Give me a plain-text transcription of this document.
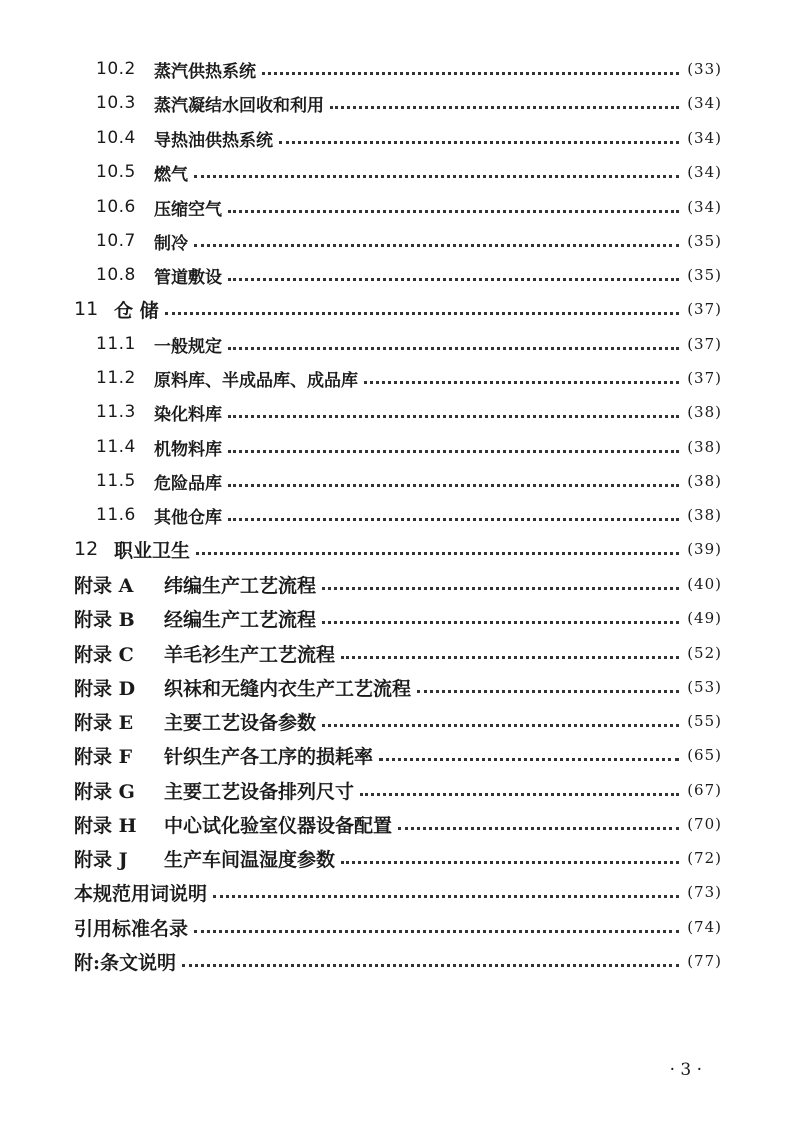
10.2	蒸汽供热系统	( 33 )
10.3	蒸汽凝结水回收和利用	( 34 )
10.4	导热油供热系统	( 34 )
10.5	燃气	( 34 )
10.6	压缩空气	( 34 )
10.7	制冷	( 35 )
10.8	管道敷设	( 35 )
11 仓 储	( 37 )
11.1	一般规定	( 37 )
11.2	原料库、半成品库、成品库	( 37 )
11.3	染化料库	( 38 )
11.4	机物料库	( 38 )
11.5	危险品库	( 38 )
11.6	其他仓库	( 38 )
12 职业卫生	( 39 )
附录 A	纬编生产工艺流程	( 40 )
附录 B	经编生产工艺流程	( 49 )
附录 C	羊毛衫生产工艺流程	( 52 )
附录 D	织袜和无缝内衣生产工艺流程	( 53 )
附录 E	主要工艺设备参数	( 55 )
附录 F	针织生产各工序的损耗率	( 65 )
附录 G	主要工艺设备排列尺寸	( 67 )
附录 H	中心试化验室仪器设备配置	( 70 )
附录 J	生产车间温湿度参数	( 72 )
本规范用词说明	( 73 )
引用标准名录	( 74 )
附:条文说明	( 77 )
· 3 ·
